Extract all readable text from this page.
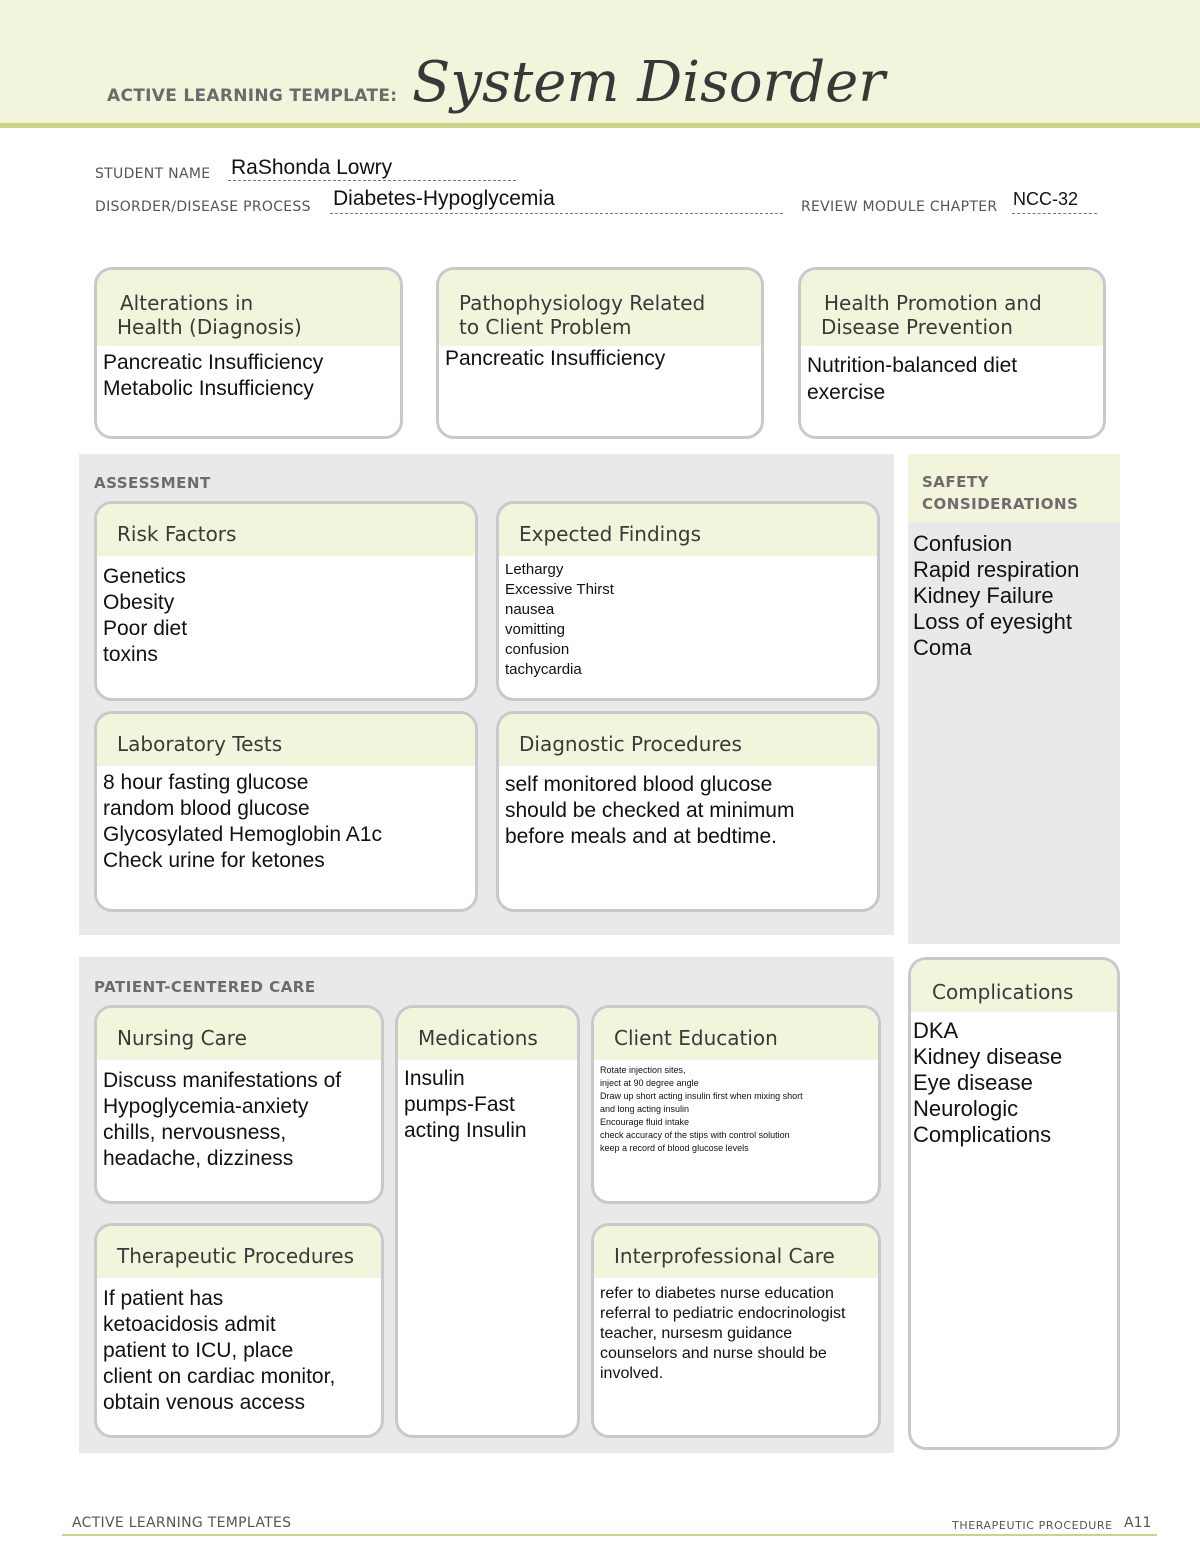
ACTIVE LEARNING TEMPLATE: System Disorder
STUDENT NAME RaShonda Lowry
DISORDER/DISEASE PROCESS Diabetes-Hypoglycemia	REVIEW MODULE CHAPTER NCC-32
Alterations in
Health (Diagnosis)
Pancreatic Insufficiency
Metabolic Insufficiency
Pathophysiology Related
to Client Problem
Pancreatic Insufficiency
Health Promotion and
Disease Prevention
Nutrition-balanced diet
exercise
ASSESSMENT
Risk Factors
Genetics
Obesity
Poor diet
toxins
Expected Findings
Lethargy
Excessive Thirst
nausea
vomitting
confusion
tachycardia
Laboratory Tests
8 hour fasting glucose
random blood glucose
Glycosylated Hemoglobin A1c
Check urine for ketones
Diagnostic Procedures
self monitored blood glucose
should be checked at minimum
before meals and at bedtime.
SAFETY
CONSIDERATIONS
Confusion
Rapid respiration
Kidney Failure
Loss of eyesight
Coma
PATIENT-CENTERED CARE
Nursing Care
Discuss manifestations of
Hypoglycemia-anxiety
chills, nervousness,
headache, dizziness
Medications
Insulin
pumps-Fast
acting Insulin
Client Education
Rotate injection sites,
inject at 90 degree angle
Draw up short acting insulin first when mixing short
and long acting insulin
Encourage fluid intake
check accuracy of the stips with control solution
keep a record of blood glucose levels
Therapeutic Procedures
If patient has
ketoacidosis admit
patient to ICU, place
client on cardiac monitor,
obtain venous access
Interprofessional Care
refer to diabetes nurse education
referral to pediatric endocrinologist
teacher, nursesm guidance
counselors and nurse should be
involved.
Complications
DKA
Kidney disease
Eye disease
Neurologic
Complications
ACTIVE LEARNING TEMPLATES	THERAPEUTIC PROCEDURE A11
